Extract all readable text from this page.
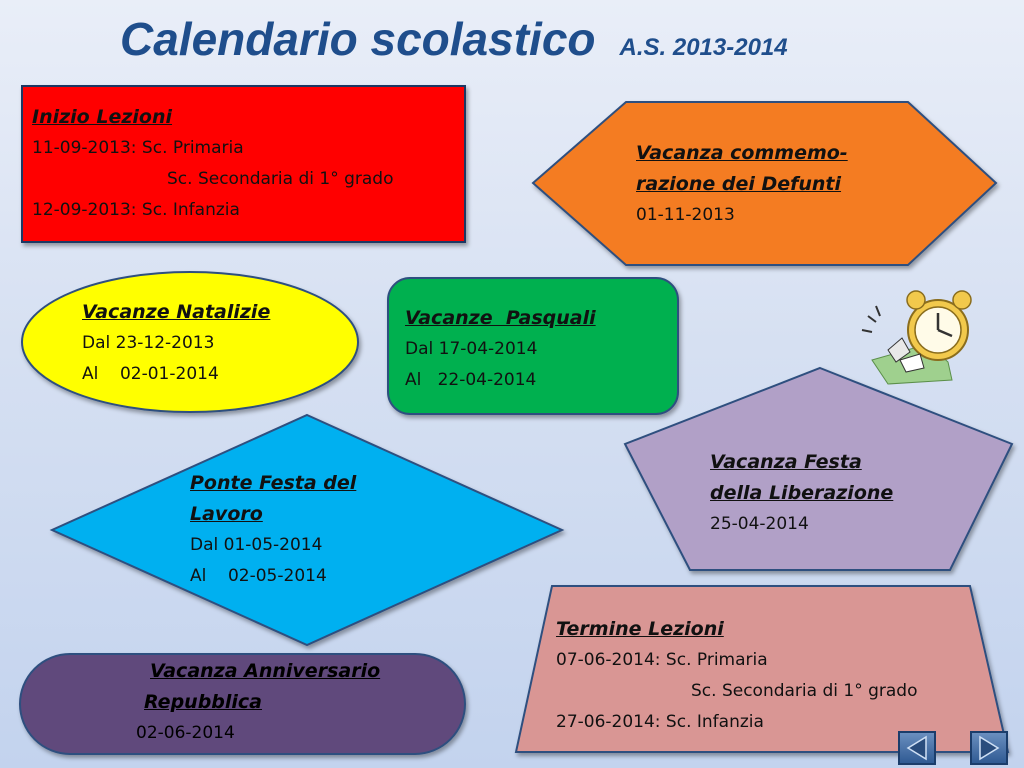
Calendario scolastico A.S. 2013-2014
Inizio Lezioni
11-09-2013: Sc. Primaria
Sc. Secondaria di 1° grado
12-09-2013: Sc. Infanzia
Vacanza commemo-
razione dei Defunti
01-11-2013
Vacanze Natalizie
Dal 23-12-2013
Al    02-01-2014
Vacanze  Pasquali
Dal 17-04-2014
Al   22-04-2014
Vacanza Festa
della Liberazione
25-04-2014
Ponte Festa del
Lavoro
Dal 01-05-2014
Al    02-05-2014
Termine Lezioni
07-06-2014: Sc. Primaria
Sc. Secondaria di 1° grado
27-06-2014: Sc. Infanzia
Vacanza Anniversario
Repubblica
02-06-2014
